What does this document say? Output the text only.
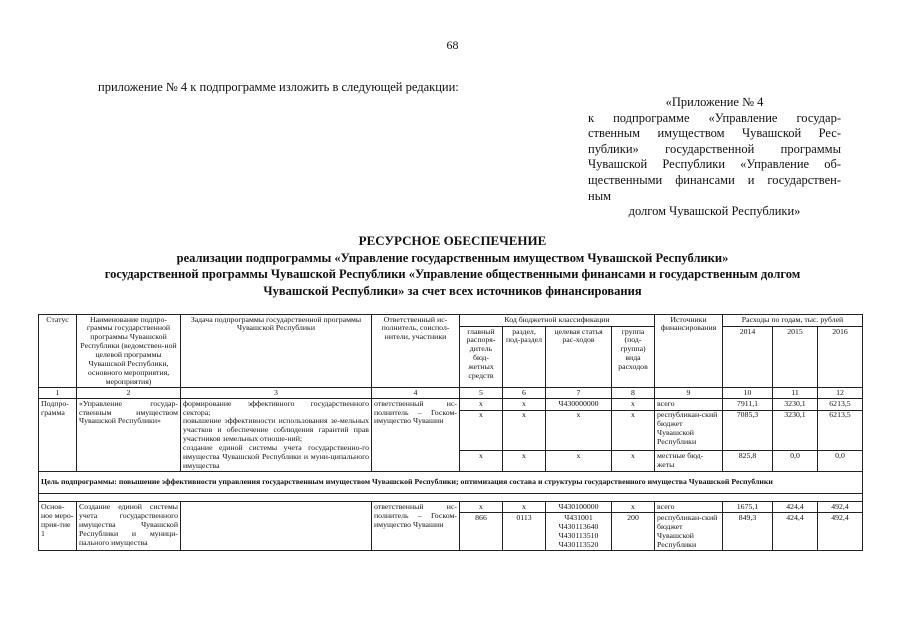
68
приложение № 4 к подпрограмме изложить в следующей редакции:
«Приложение № 4
к подпрограмме «Управление государ-
ственным имуществом Чувашской Рес-
публики» государственной программы
Чувашской Республики «Управление об-
щественными финансами и государствен-
ным
долгом Чувашской Республики»
РЕСУРСНОЕ ОБЕСПЕЧЕНИЕ
реализации подпрограммы «Управление государственным имуществом Чувашской Республики»
государственной программы Чувашской Республики «Управление общественными финансами и государственным долгом
Чувашской Республики» за счет всех источников финансирования
Статус	Наименование подпро-граммы государственной программы Чувашской Республики (ведомствен-ной целевой программы Чувашской Республики, основного мероприятия, мероприятия)	Задача подпрограммы государственной программы Чувашской Республики	Ответственный ис-полнитель, соиспол-нители, участники	Код бюджетной классификации				Источники финансирования	Расходы по годам, тыс. рублей		
				главный распоря-дитель бюд-жетных средств	раздел, под-раздел	целевая статья рас-ходов	группа (под-группа) вида расходов		2014	2015	2016
1	2	3	4	5	6	7	8	9	10	11	12
Подпро-грамма	«Управление государ-ственным имуществом Чувашской Республики»	формирование эффективного государственного сектора;
повышение эффективности использования зе-мельных участков и обеспечение соблюдения гарантий прав участников земельных отноше-ний;
создание единой системы учета государственно-го имущества Чувашской Республики и муни-ципального имущества	ответственный ис-полнитель – Госком-имущество Чувашии	х	х	Ч430000000	х	всего	7911,1	3230,1	6213,5
				х	х	х	х	республикан-ский бюджет Чувашской Республики	7085,3	3230,1	6213,5
				х	х	х	х	местные бюд-жеты	825,8	0,0	0,0
Цель подпрограммы: повышение эффективности управления государственным имуществом Чувашской Республики; оптимизация состава и структуры государственного имущества Чувашской Республики											

Основ-ное меро-прия-тие 1	Создание единой системы учета государственного имущества Чувашской Республики и муници-пального имущества		ответственный ис-полнитель – Госком-имущество Чувашии	х	х	Ч430100000	х	всего	1675,1	424,4	492,4
				866	0113	Ч431001 Ч430113640 Ч430113510 Ч430113520	200	республикан-ский бюджет Чувашской Республики	849,3	424,4	492,4
